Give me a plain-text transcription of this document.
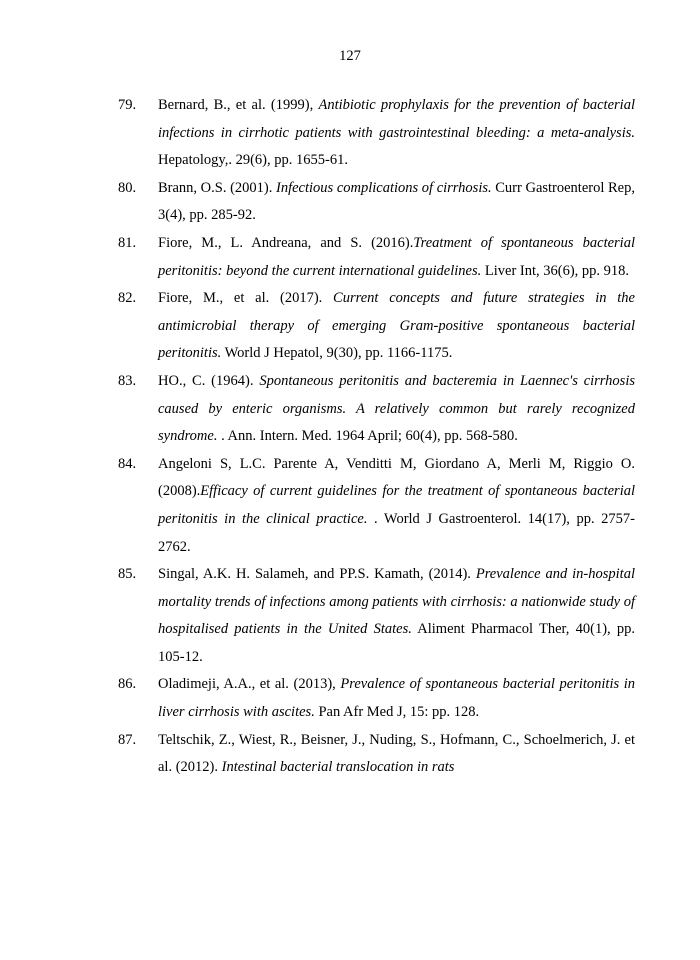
127
79. Bernard, B., et al. (1999), Antibiotic prophylaxis for the prevention of bacterial infections in cirrhotic patients with gastrointestinal bleeding: a meta-analysis. Hepatology,. 29(6), pp. 1655-61.
80. Brann, O.S. (2001). Infectious complications of cirrhosis. Curr Gastroenterol Rep, 3(4), pp. 285-92.
81. Fiore, M., L. Andreana, and S. (2016).Treatment of spontaneous bacterial peritonitis: beyond the current international guidelines. Liver Int, 36(6), pp. 918.
82. Fiore, M., et al. (2017). Current concepts and future strategies in the antimicrobial therapy of emerging Gram-positive spontaneous bacterial peritonitis. World J Hepatol, 9(30), pp. 1166-1175.
83. HO., C. (1964). Spontaneous peritonitis and bacteremia in Laennec's cirrhosis caused by enteric organisms. A relatively common but rarely recognized syndrome. . Ann. Intern. Med. 1964 April; 60(4), pp. 568-580.
84. Angeloni S, L.C. Parente A, Venditti M, Giordano A, Merli M, Riggio O.(2008).Efficacy of current guidelines for the treatment of spontaneous bacterial peritonitis in the clinical practice. . World J Gastroenterol. 14(17), pp. 2757-2762.
85. Singal, A.K. H. Salameh, and PP.S. Kamath, (2014). Prevalence and in-hospital mortality trends of infections among patients with cirrhosis: a nationwide study of hospitalised patients in the United States. Aliment Pharmacol Ther, 40(1), pp. 105-12.
86. Oladimeji, A.A., et al. (2013), Prevalence of spontaneous bacterial peritonitis in liver cirrhosis with ascites. Pan Afr Med J, 15: pp. 128.
87. Teltschik, Z., Wiest, R., Beisner, J., Nuding, S., Hofmann, C., Schoelmerich, J. et al. (2012). Intestinal bacterial translocation in rats
